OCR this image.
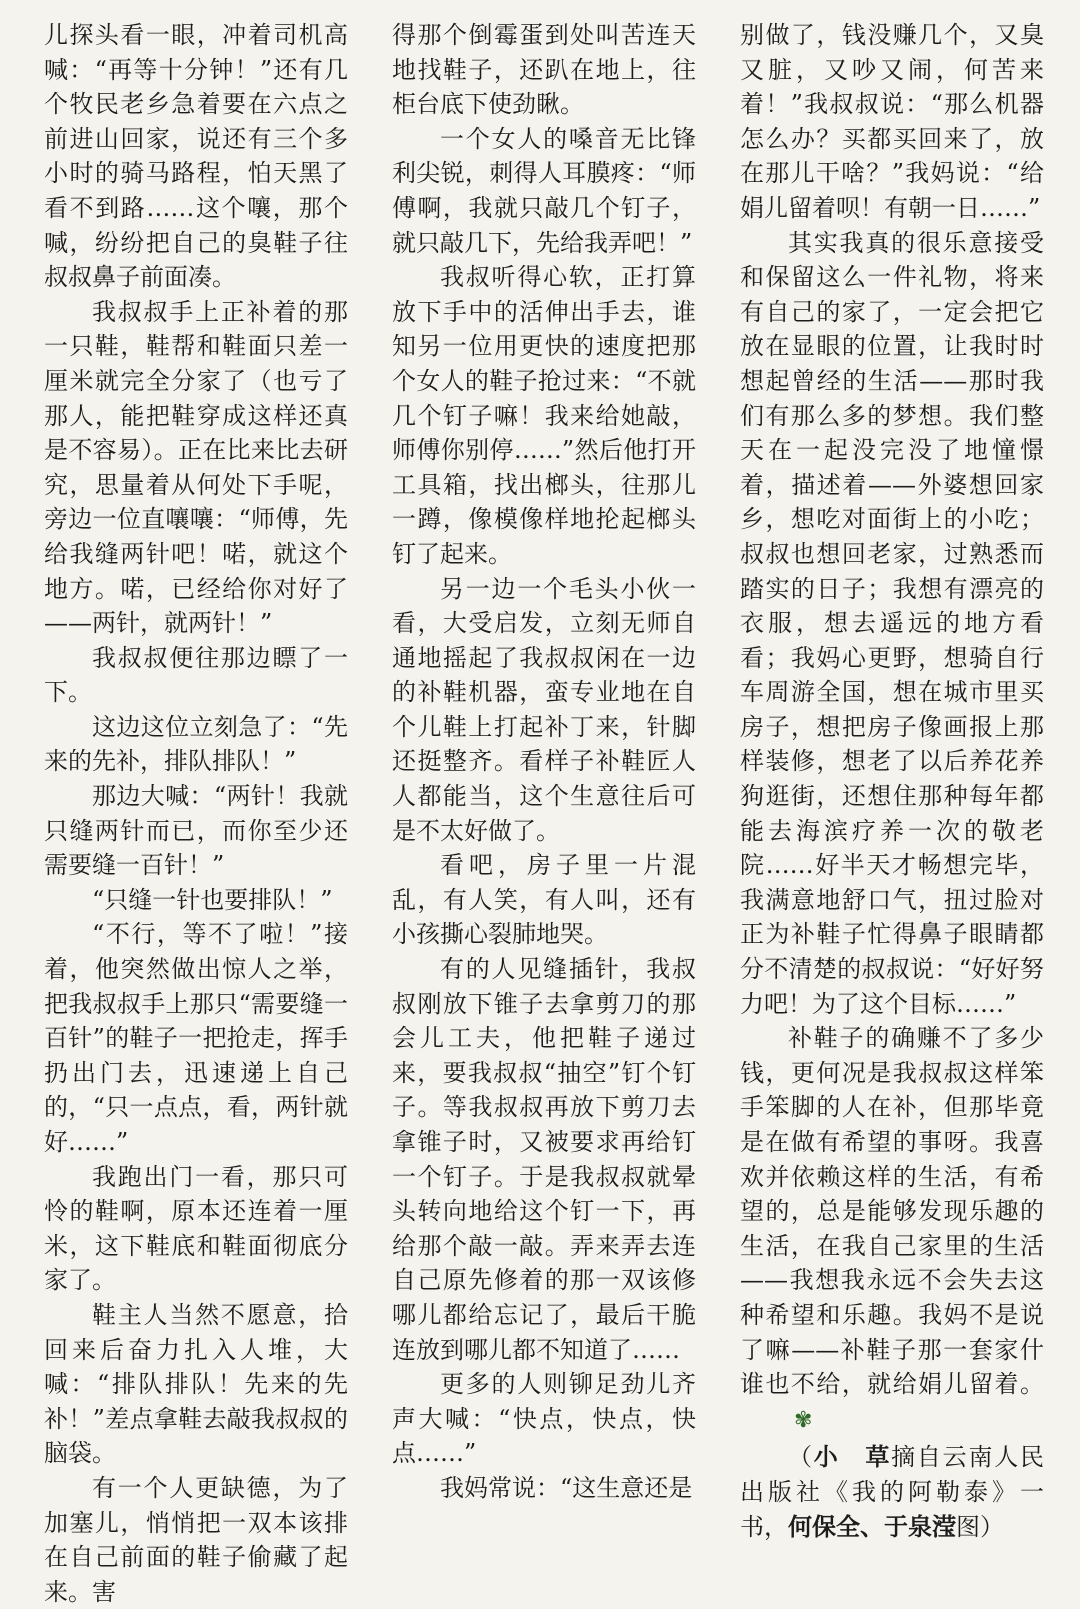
儿探头看一眼，冲着司机高喊：“再等十分钟！”还有几个牧民老乡急着要在六点之前进山回家，说还有三个多小时的骑马路程，怕天黑了看不到路……这个嚷，那个喊，纷纷把自己的臭鞋子往叔叔鼻子前面凑。

我叔叔手上正补着的那一只鞋，鞋帮和鞋面只差一厘米就完全分家了（也亏了那人，能把鞋穿成这样还真是不容易）。正在比来比去研究，思量着从何处下手呢，旁边一位直嚷嚷：“师傅，先给我缝两针吧！喏，就这个地方。喏，已经给你对好了——两针，就两针！”

我叔叔便往那边瞟了一下。

这边这位立刻急了：“先来的先补，排队排队！”

那边大喊：“两针！我就只缝两针而已，而你至少还需要缝一百针！”

“只缝一针也要排队！”

“不行，等不了啦！”接着，他突然做出惊人之举，把我叔叔手上那只“需要缝一百针”的鞋子一把抢走，挥手扔出门去，迅速递上自己的，“只一点点，看，两针就好……”

我跑出门一看，那只可怜的鞋啊，原本还连着一厘米，这下鞋底和鞋面彻底分家了。

鞋主人当然不愿意，拾回来后奋力扎入人堆，大喊：“排队排队！先来的先补！”差点拿鞋去敲我叔叔的脑袋。

有一个人更缺德，为了加塞儿，悄悄把一双本该排在自己前面的鞋子偷藏了起来。害

得那个倒霉蛋到处叫苦连天地找鞋子，还趴在地上，往柜台底下使劲瞅。

一个女人的嗓音无比锋利尖锐，刺得人耳膜疼：“师傅啊，我就只敲几个钉子，就只敲几下，先给我弄吧！”

我叔听得心软，正打算放下手中的活伸出手去，谁知另一位用更快的速度把那个女人的鞋子抢过来：“不就几个钉子嘛！我来给她敲，师傅你别停……”然后他打开工具箱，找出榔头，往那儿一蹲，像模像样地抡起榔头钉了起来。

另一边一个毛头小伙一看，大受启发，立刻无师自通地摇起了我叔叔闲在一边的补鞋机器，蛮专业地在自个儿鞋上打起补丁来，针脚还挺整齐。看样子补鞋匠人人都能当，这个生意往后可是不太好做了。

看吧，房子里一片混乱，有人笑，有人叫，还有小孩撕心裂肺地哭。

有的人见缝插针，我叔叔刚放下锥子去拿剪刀的那会儿工夫，他把鞋子递过来，要我叔叔“抽空”钉个钉子。等我叔叔再放下剪刀去拿锥子时，又被要求再给钉一个钉子。于是我叔叔就晕头转向地给这个钉一下，再给那个敲一敲。弄来弄去连自己原先修着的那一双该修哪儿都给忘记了，最后干脆连放到哪儿都不知道了……

更多的人则铆足劲儿齐声大喊：“快点，快点，快点……”

我妈常说：“这生意还是

别做了，钱没赚几个，又臭又脏，又吵又闹，何苦来着！”我叔叔说：“那么机器怎么办？买都买回来了，放在那儿干啥？”我妈说：“给娟儿留着呗！有朝一日……”

其实我真的很乐意接受和保留这么一件礼物，将来有自己的家了，一定会把它放在显眼的位置，让我时时想起曾经的生活——那时我们有那么多的梦想。我们整天在一起没完没了地憧憬着，描述着——外婆想回家乡，想吃对面街上的小吃；叔叔也想回老家，过熟悉而踏实的日子；我想有漂亮的衣服，想去遥远的地方看看；我妈心更野，想骑自行车周游全国，想在城市里买房子，想把房子像画报上那样装修，想老了以后养花养狗逛街，还想住那种每年都能去海滨疗养一次的敬老院……好半天才畅想完毕，我满意地舒口气，扭过脸对正为补鞋子忙得鼻子眼睛都分不清楚的叔叔说：“好好努力吧！为了这个目标……”

补鞋子的确赚不了多少钱，更何况是我叔叔这样笨手笨脚的人在补，但那毕竟是在做有希望的事呀。我喜欢并依赖这样的生活，有希望的，总是能够发现乐趣的生活，在我自己家里的生活——我想我永远不会失去这种希望和乐趣。我妈不是说了嘛——补鞋子那一套家什谁也不给，就给娟儿留着。✾

（小　草摘自云南人民出版社《我的阿勒泰》一书，何保全、于泉滢图）
